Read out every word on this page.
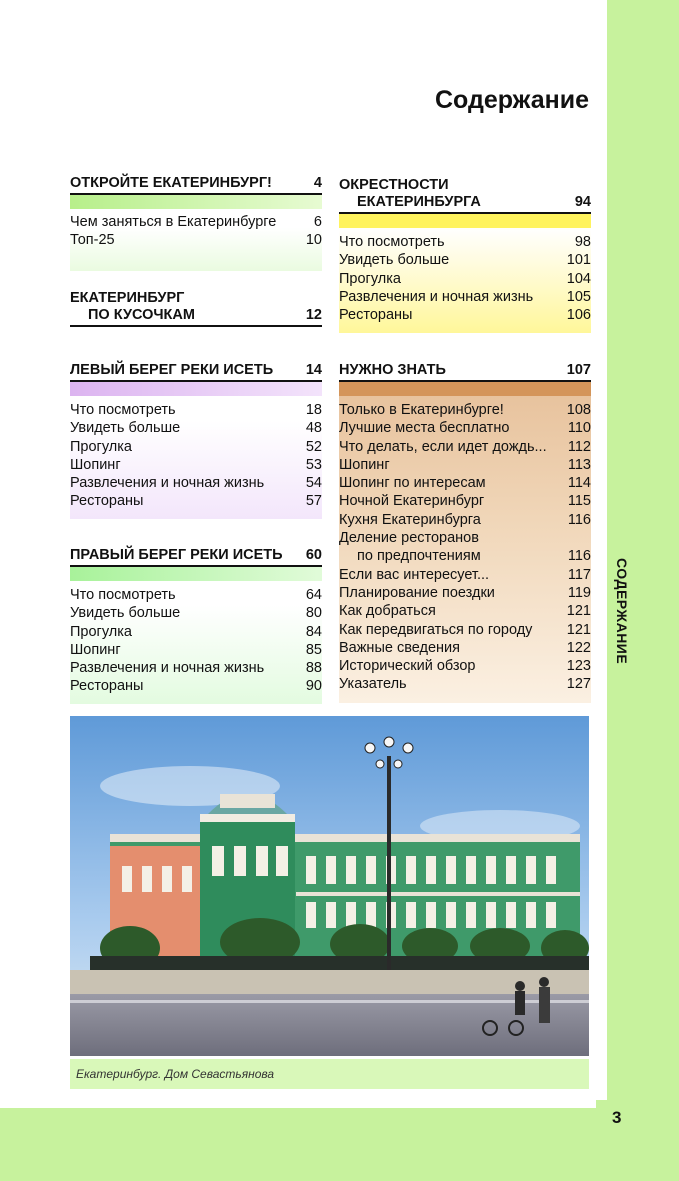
3
СОДЕРЖАНИЕ
Содержание
ОТКРОЙТЕ ЕКАТЕРИНБУРГ!	4
Чем заняться в Екатеринбурге	6
Топ-25	10
ЕКАТЕРИНБУРГ
ПО КУСОЧКАМ	12
ЛЕВЫЙ БЕРЕГ РЕКИ ИСЕТЬ 14
Что посмотреть	18
Увидеть больше	48
Прогулка	52
Шопинг	53
Развлечения и ночная жизнь	54
Рестораны	57
ПРАВЫЙ БЕРЕГ РЕКИ ИСЕТЬ 60
Что посмотреть	64
Увидеть больше	80
Прогулка	84
Шопинг	85
Развлечения и ночная жизнь	88
Рестораны	90
ОКРЕСТНОСТИ
ЕКАТЕРИНБУРГА	94
Что посмотреть	98
Увидеть больше	101
Прогулка	104
Развлечения и ночная жизнь 105
Рестораны	106
НУЖНО ЗНАТЬ	107
Только в Екатеринбурге!	108
Лучшие места бесплатно	110
Что делать, если идет дождь... 112
Шопинг	113
Шопинг по интересам	114
Ночной Екатеринбург	115
Кухня Екатеринбурга	116
Деление ресторанов
по предпочтениям	116
Если вас интересует...	117
Планирование поездки	119
Как добраться	121
Как передвигаться по городу 121
Важные сведения	122
Исторический обзор	123
Указатель	127
Екатеринбург. Дом Севастьянова
